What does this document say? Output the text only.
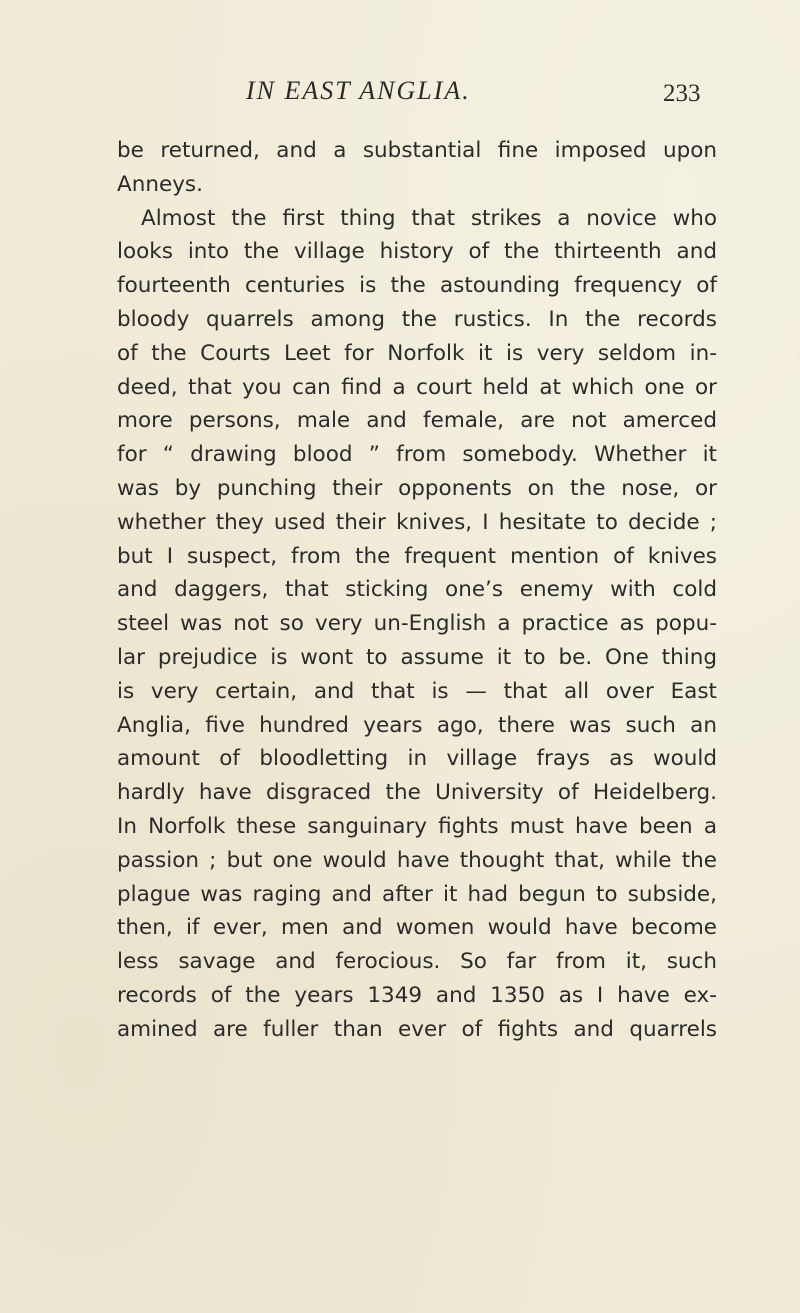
IN EAST ANGLIA.	233
be returned, and a substantial fine imposed upon
Anneys.
Almost the first thing that strikes a novice who
looks into the village history of the thirteenth and
fourteenth centuries is the astounding frequency of
bloody quarrels among the rustics. In the records
of the Courts Leet for Norfolk it is very seldom in-
deed, that you can find a court held at which one or
more persons, male and female, are not amerced
for “ drawing blood ” from somebody. Whether it
was by punching their opponents on the nose, or
whether they used their knives, I hesitate to decide ;
but I suspect, from the frequent mention of knives
and daggers, that sticking one’s enemy with cold
steel was not so very un-English a practice as popu-
lar prejudice is wont to assume it to be. One thing
is very certain, and that is — that all over East
Anglia, five hundred years ago, there was such an
amount of bloodletting in village frays as would
hardly have disgraced the University of Heidelberg.
In Norfolk these sanguinary fights must have been a
passion ; but one would have thought that, while the
plague was raging and after it had begun to subside,
then, if ever, men and women would have become
less savage and ferocious. So far from it, such
records of the years 1349 and 1350 as I have ex-
amined are fuller than ever of fights and quarrels
